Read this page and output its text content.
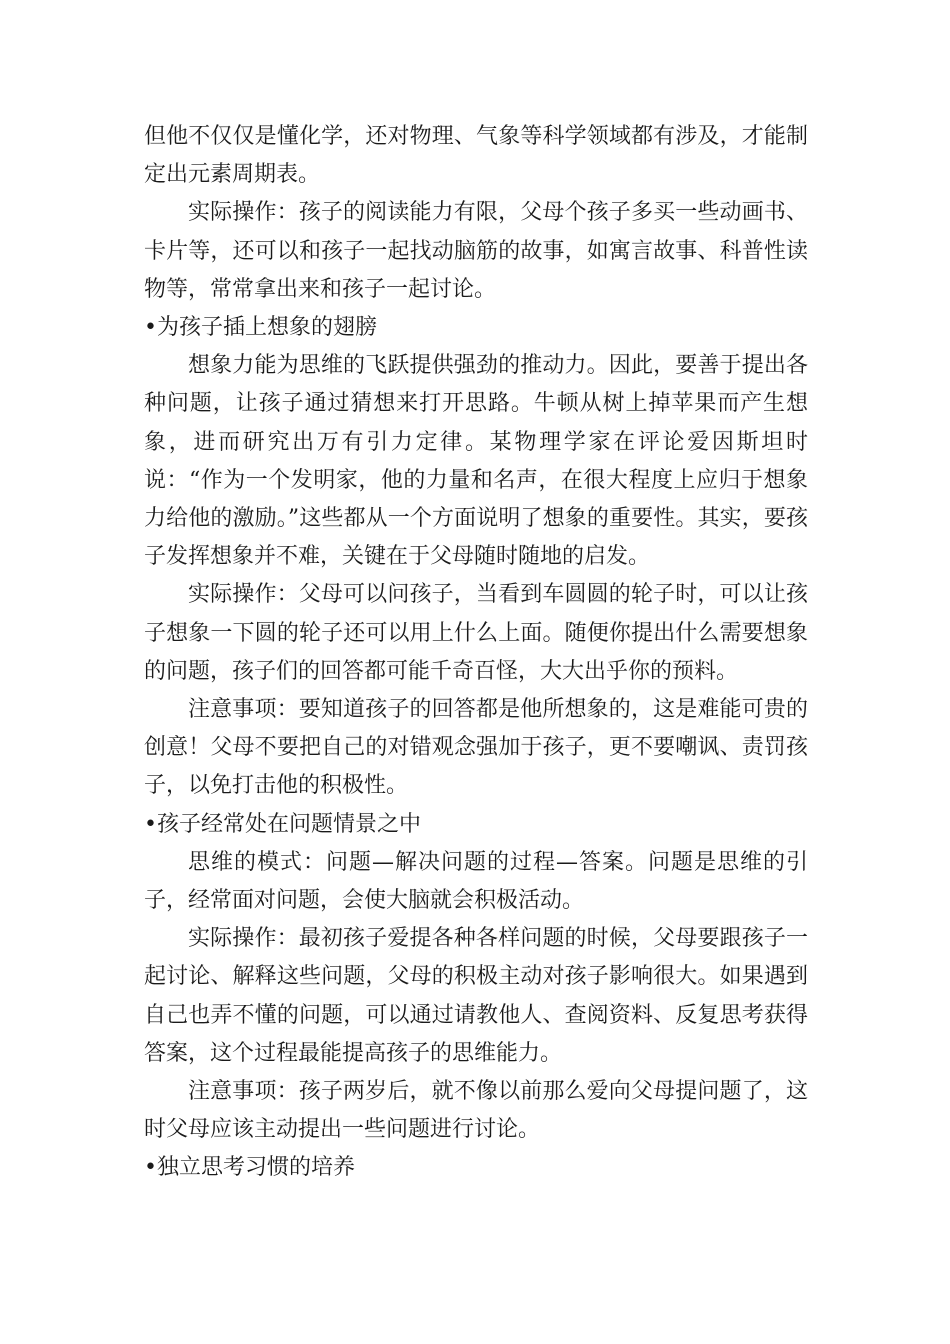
但他不仅仅是懂化学，还对物理、气象等科学领域都有涉及，才能制定出元素周期表。

实际操作：孩子的阅读能力有限，父母个孩子多买一些动画书、卡片等，还可以和孩子一起找动脑筋的故事，如寓言故事、科普性读物等，常常拿出来和孩子一起讨论。

•为孩子插上想象的翅膀

想象力能为思维的飞跃提供强劲的推动力。因此，要善于提出各种问题，让孩子通过猜想来打开思路。牛顿从树上掉苹果而产生想象，进而研究出万有引力定律。某物理学家在评论爱因斯坦时说：“作为一个发明家，他的力量和名声，在很大程度上应归于想象力给他的激励。”这些都从一个方面说明了想象的重要性。其实，要孩子发挥想象并不难，关键在于父母随时随地的启发。

实际操作：父母可以问孩子，当看到车圆圆的轮子时，可以让孩子想象一下圆的轮子还可以用上什么上面。随便你提出什么需要想象的问题，孩子们的回答都可能千奇百怪，大大出乎你的预料。

注意事项：要知道孩子的回答都是他所想象的，这是难能可贵的创意！父母不要把自己的对错观念强加于孩子，更不要嘲讽、责罚孩子，以免打击他的积极性。

•孩子经常处在问题情景之中

思维的模式：问题—解决问题的过程—答案。问题是思维的引子，经常面对问题，会使大脑就会积极活动。

实际操作：最初孩子爱提各种各样问题的时候，父母要跟孩子一起讨论、解释这些问题，父母的积极主动对孩子影响很大。如果遇到自己也弄不懂的问题，可以通过请教他人、查阅资料、反复思考获得答案，这个过程最能提高孩子的思维能力。

注意事项：孩子两岁后，就不像以前那么爱向父母提问题了，这时父母应该主动提出一些问题进行讨论。

•独立思考习惯的培养
